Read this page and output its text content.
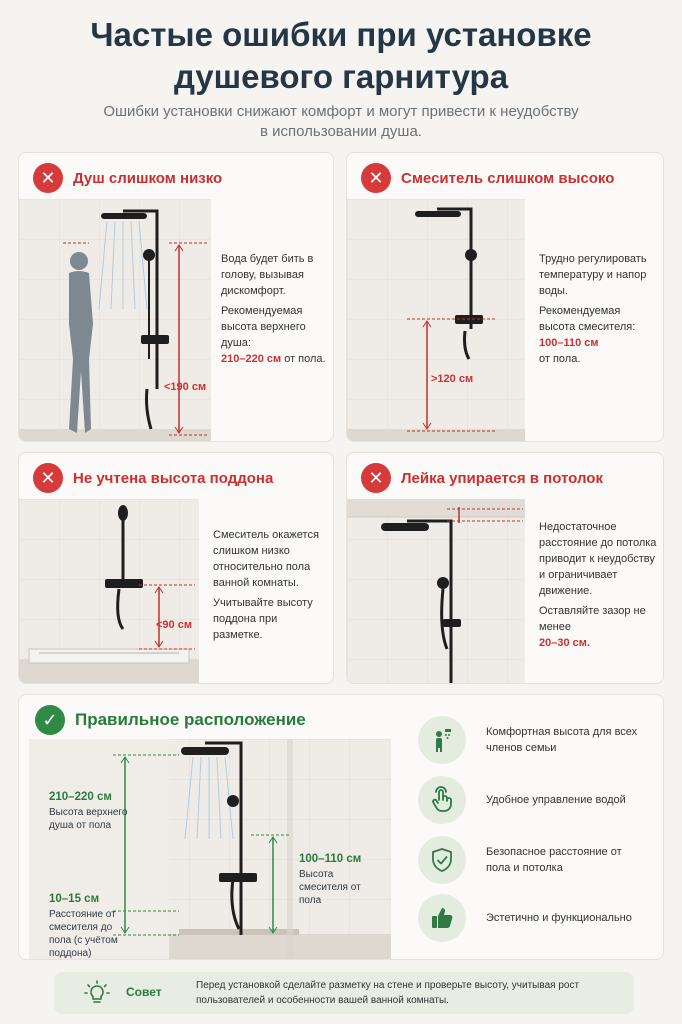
Частые ошибки при установке
душевого гарнитура
Ошибки установки снижают комфорт и могут привести к неудобству
в использовании душа.
✕	Душ слишком низко
<190 см
Вода будет бить в голову, вызывая дискомфорт.
Рекомендуемая высота верхнего душа:
210–220 см от пола.
✕	Смеситель слишком высоко
>120 см
Трудно регулировать температуру и напор воды.
Рекомендуемая высота смесителя:
100–110 см
от пола.
✕	Не учтена высота поддона
<90 см
Смеситель окажется слишком низко относительно пола ванной комнаты.
Учитывайте высоту поддона при разметке.
✕	Лейка упирается в потолок
Недостаточное расстояние до потолка приводит к неудобству и ограничивает движение.
Оставляйте зазор не менее
20–30 см.
✓	Правильное расположение
210–220 см
Высота верхнего душа от пола
10–15 см
Расстояние от смесителя до пола (с учётом поддона)
100–110 см
Высота смесителя от пола
Комфортная высота для всех членов семьи
Удобное управление водой
Безопасное расстояние от пола и потолка
Эстетично и функционально
Совет	Перед установкой сделайте разметку на стене и проверьте высоту, учитывая рост пользователей и особенности вашей ванной комнаты.
